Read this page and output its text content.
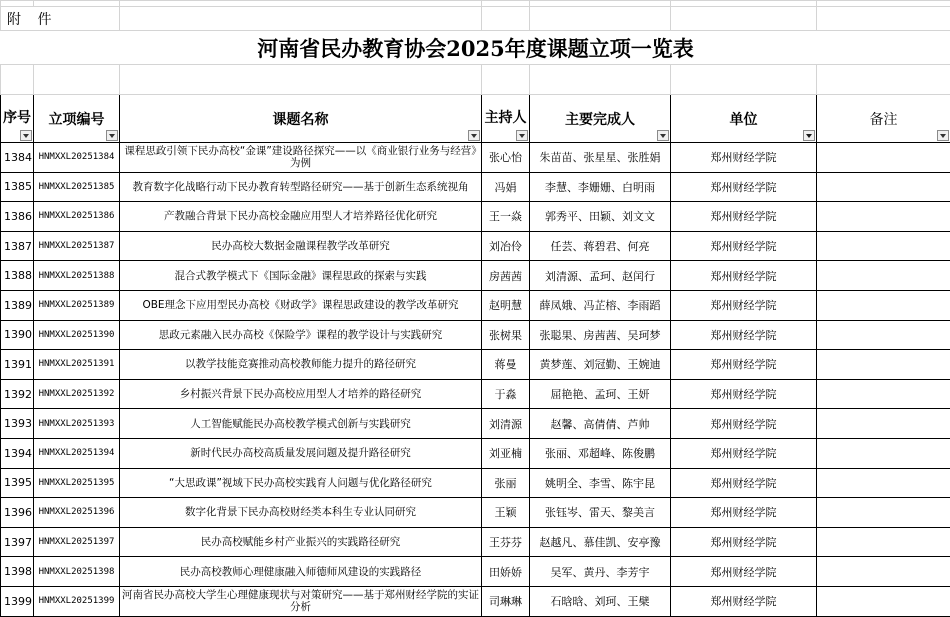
附 件						
河南省民办教育协会2025年度课题立项一览表						

序号	立项编号	课题名称	主持人	主要完成人	单位	备注

1384	HNMXXL20251384	课程思政引领下民办高校“金课”建设路径探究——以《商业银行业务与经营》为例	张心怡	朱苗苗、张星星、张胜娟	郑州财经学院	
1385	HNMXXL20251385	教育数字化战略行动下民办教育转型路径研究——基于创新生态系统视角	冯娟	李慧、李姗姗、白明雨	郑州财经学院	
1386	HNMXXL20251386	产教融合背景下民办高校金融应用型人才培养路径优化研究	王一焱	郭秀平、田颖、刘文文	郑州财经学院	
1387	HNMXXL20251387	民办高校大数据金融课程教学改革研究	刘冶伶	任芸、蒋碧君、何亮	郑州财经学院	
1388	HNMXXL20251388	混合式教学模式下《国际金融》课程思政的探索与实践	房茜茜	刘清源、孟珂、赵闰行	郑州财经学院	
1389	HNMXXL20251389	OBE理念下应用型民办高校《财政学》课程思政建设的教学改革研究	赵明慧	薛凤娥、冯芷榕、李雨蹈	郑州财经学院	
1390	HNMXXL20251390	思政元素融入民办高校《保险学》课程的教学设计与实践研究	张树果	张聪果、房茜茜、吴珂梦	郑州财经学院	
1391	HNMXXL20251391	以教学技能竞赛推动高校教师能力提升的路径研究	蒋曼	黄梦莲、刘冠勤、王婉迪	郑州财经学院	
1392	HNMXXL20251392	乡村振兴背景下民办高校应用型人才培养的路径研究	于淼	屈艳艳、孟珂、王妍	郑州财经学院	
1393	HNMXXL20251393	人工智能赋能民办高校教学模式创新与实践研究	刘清源	赵馨、高倩倩、芦帅	郑州财经学院	
1394	HNMXXL20251394	新时代民办高校高质量发展问题及提升路径研究	刘亚楠	张丽、邓超峰、陈俊鹏	郑州财经学院	
1395	HNMXXL20251395	“大思政课”视域下民办高校实践育人问题与优化路径研究	张丽	姚明全、李雪、陈宇昆	郑州财经学院	
1396	HNMXXL20251396	数字化背景下民办高校财经类本科生专业认同研究	王颖	张钰岑、雷天、黎美言	郑州财经学院	
1397	HNMXXL20251397	民办高校赋能乡村产业振兴的实践路径研究	王芬芬	赵越凡、慕佳凯、安亭豫	郑州财经学院	
1398	HNMXXL20251398	民办高校教师心理健康融入师德师风建设的实践路径	田娇娇	吴军、黄丹、李芳宇	郑州财经学院	
1399	HNMXXL20251399	河南省民办高校大学生心理健康现状与对策研究——基于郑州财经学院的实证分析	司琳琳	石晗晗、刘珂、王檗	郑州财经学院	
